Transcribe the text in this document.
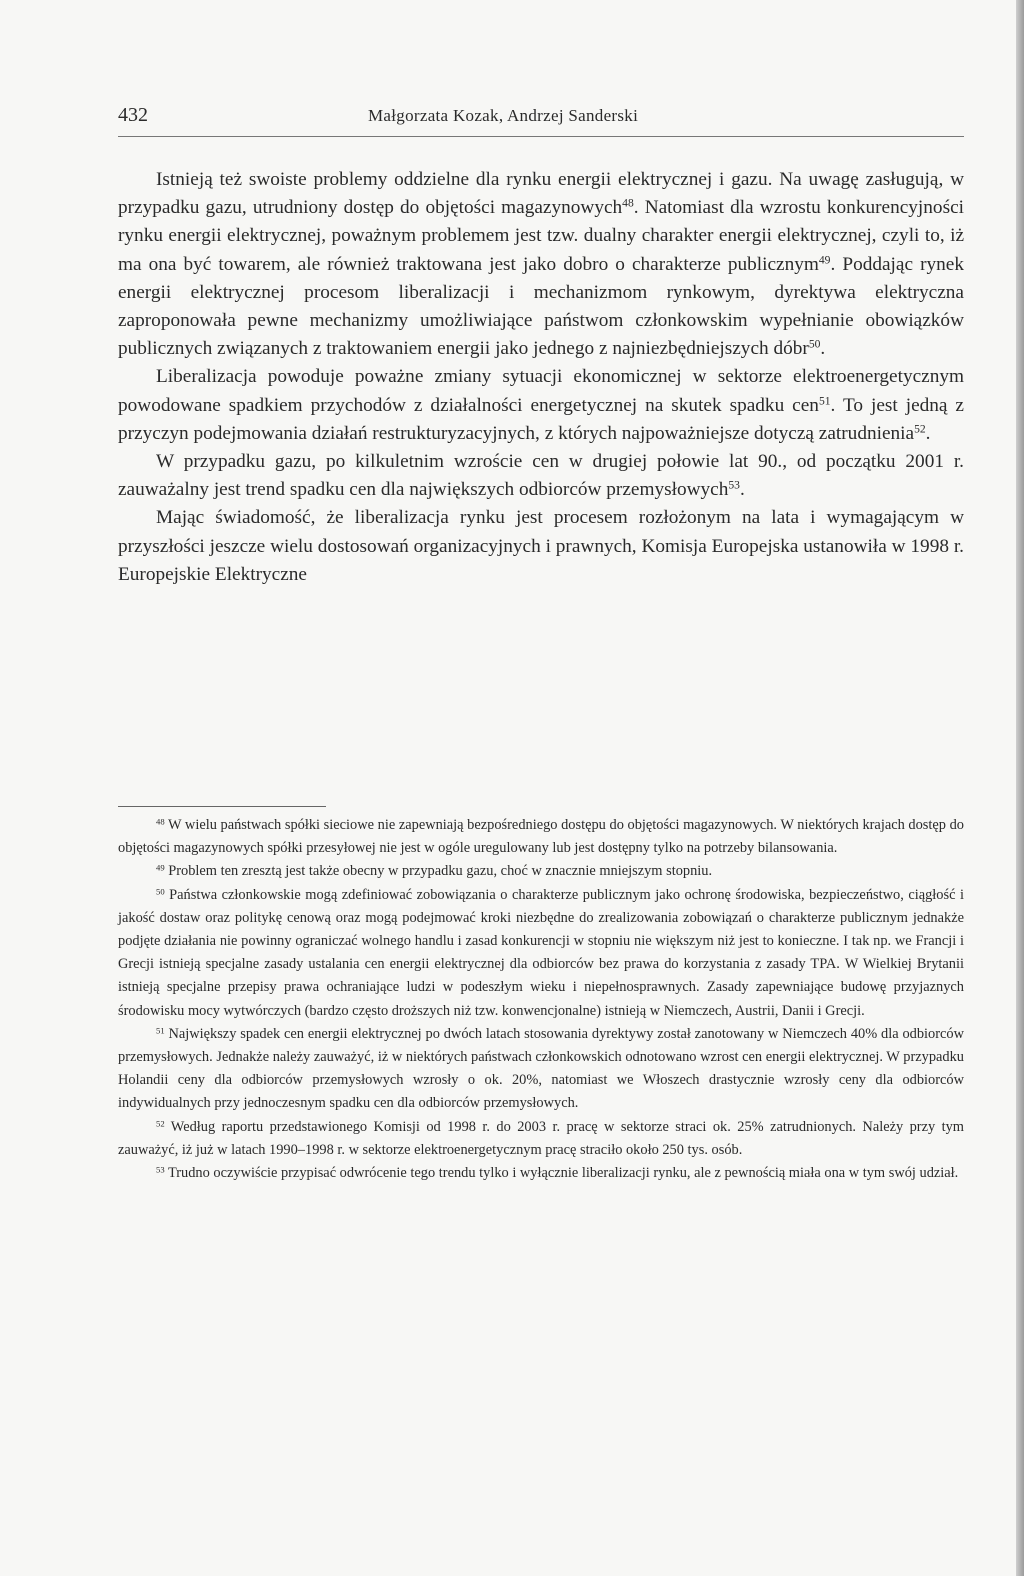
432	Małgorzata Kozak, Andrzej Sanderski

Istnieją też swoiste problemy oddzielne dla rynku energii elektrycznej i gazu. Na uwagę zasługują, w przypadku gazu, utrudniony dostęp do objętości magazynowych$^{48}$. Natomiast dla wzrostu konkurencyjności rynku energii elektrycznej, poważnym problemem jest tzw. dualny charakter energii elektrycznej, czyli to, iż ma ona być towarem, ale również traktowana jest jako dobro o charakterze publicznym$^{49}$. Poddając rynek energii elektrycznej procesom liberalizacji i mechanizmom rynkowym, dyrektywa elektryczna zaproponowała pewne mechanizmy umożliwiające państwom członkowskim wypełnianie obowiązków publicznych związanych z traktowaniem energii jako jednego z najniezbędniejszych dóbr$^{50}$.

Liberalizacja powoduje poważne zmiany sytuacji ekonomicznej w sektorze elektroenergetycznym powodowane spadkiem przychodów z działalności energetycznej na skutek spadku cen$^{51}$. To jest jedną z przyczyn podejmowania działań restrukturyzacyjnych, z których najpoważniejsze dotyczą zatrudnienia$^{52}$.

W przypadku gazu, po kilkuletnim wzroście cen w drugiej połowie lat 90., od początku 2001 r. zauważalny jest trend spadku cen dla największych odbiorców przemysłowych$^{53}$.

Mając świadomość, że liberalizacja rynku jest procesem rozłożonym na lata i wymagającym w przyszłości jeszcze wielu dostosowań organizacyjnych i prawnych, Komisja Europejska ustanowiła w 1998 r. Europejskie Elektryczne

$^{48}$ W wielu państwach spółki sieciowe nie zapewniają bezpośredniego dostępu do objętości magazynowych. W niektórych krajach dostęp do objętości magazynowych spółki przesyłowej nie jest w ogóle uregulowany lub jest dostępny tylko na potrzeby bilansowania.

$^{49}$ Problem ten zresztą jest także obecny w przypadku gazu, choć w znacznie mniejszym stopniu.

$^{50}$ Państwa członkowskie mogą zdefiniować zobowiązania o charakterze publicznym jako ochronę środowiska, bezpieczeństwo, ciągłość i jakość dostaw oraz politykę cenową oraz mogą podejmować kroki niezbędne do zrealizowania zobowiązań o charakterze publicznym jednakże podjęte działania nie powinny ograniczać wolnego handlu i zasad konkurencji w stopniu nie większym niż jest to konieczne. I tak np. we Francji i Grecji istnieją specjalne zasady ustalania cen energii elektrycznej dla odbiorców bez prawa do korzystania z zasady TPA. W Wielkiej Brytanii istnieją specjalne przepisy prawa ochraniające ludzi w podeszłym wieku i niepełnosprawnych. Zasady zapewniające budowę przyjaznych środowisku mocy wytwórczych (bardzo często droższych niż tzw. konwencjonalne) istnieją w Niemczech, Austrii, Danii i Grecji.

$^{51}$ Największy spadek cen energii elektrycznej po dwóch latach stosowania dyrektywy został zanotowany w Niemczech 40% dla odbiorców przemysłowych. Jednakże należy zauważyć, iż w niektórych państwach członkowskich odnotowano wzrost cen energii elektrycznej. W przypadku Holandii ceny dla odbiorców przemysłowych wzrosły o ok. 20%, natomiast we Włoszech drastycznie wzrosły ceny dla odbiorców indywidualnych przy jednoczesnym spadku cen dla odbiorców przemysłowych.

$^{52}$ Według raportu przedstawionego Komisji od 1998 r. do 2003 r. pracę w sektorze straci ok. 25% zatrudnionych. Należy przy tym zauważyć, iż już w latach 1990–1998 r. w sektorze elektroenergetycznym pracę straciło około 250 tys. osób.

$^{53}$ Trudno oczywiście przypisać odwrócenie tego trendu tylko i wyłącznie liberalizacji rynku, ale z pewnością miała ona w tym swój udział.
